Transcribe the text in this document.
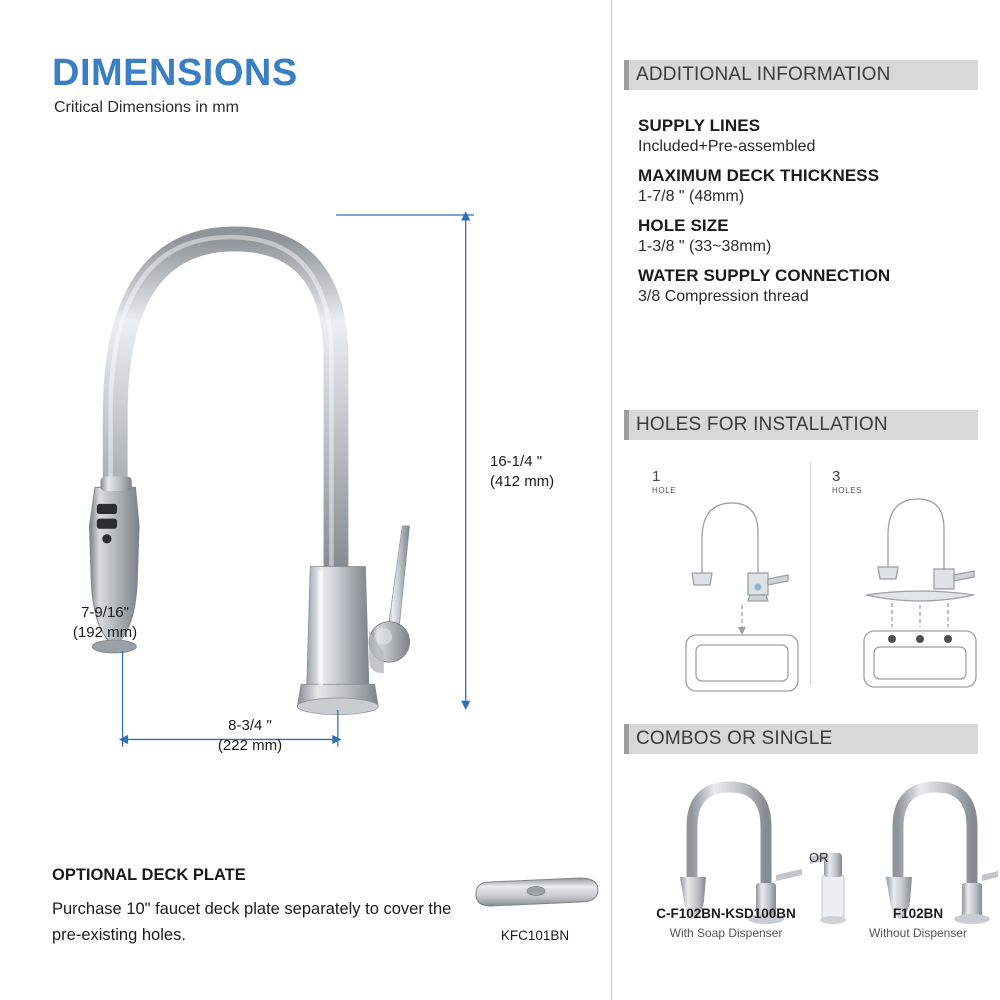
DIMENSIONS
Critical Dimensions in mm
16-1/4 "
(412 mm)
7-9/16"
(192 mm)
8-3/4 "
(222 mm)
OPTIONAL DECK PLATE
Purchase 10" faucet deck plate separately to cover the pre-existing holes.	KFC101BN
ADDITIONAL INFORMATION
SUPPLY LINES
Included+Pre-assembled
MAXIMUM DECK THICKNESS
1-7/8 " (48mm)
HOLE SIZE
1-3/8 " (33~38mm)
WATER SUPPLY CONNECTION
3/8 Compression thread
HOLES FOR INSTALLATION
1
HOLE
3
HOLES
COMBOS OR SINGLE
OR
C-F102BN-KSD100BN
With Soap Dispenser
F102BN
Without Dispenser
